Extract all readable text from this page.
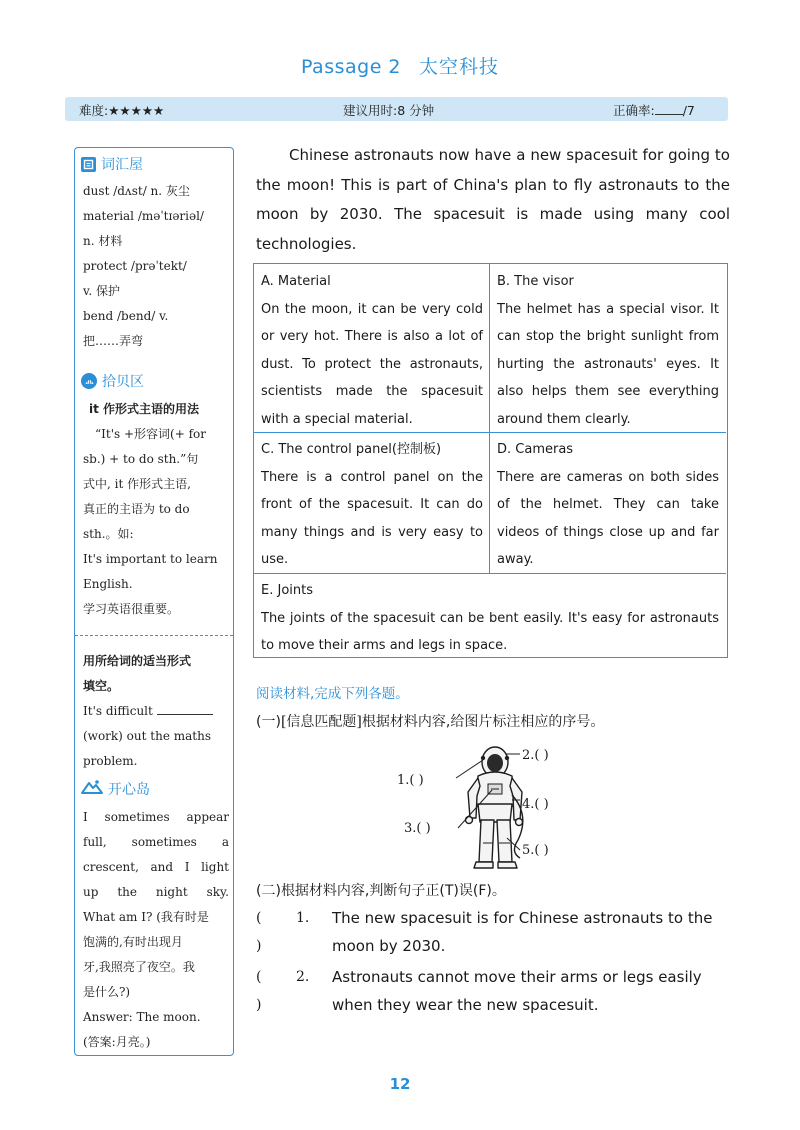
Passage 2 太空科技
难度:★★★★★	建议用时:8 分钟	正确率: /7
词汇屋
dust /dʌst/ n. 灰尘
material /məˈtɪəriəl/
n. 材料
protect /prəˈtekt/
v. 保护
bend /bend/ v.
把……弄弯
拾贝区
it 作形式主语的用法
“It's +形容词(+ for
sb.) + to do sth.”句
式中, it 作形式主语,
真正的主语为 to do
sth.。如:
It's important to learn
English.
学习英语很重要。
用所给词的适当形式
填空。
It's difficult
(work) out the maths
problem.
开心岛
I sometimes appear
full, sometimes a
crescent, and I light
up the night sky.
What am I? (我有时是
饱满的,有时出现月
牙,我照亮了夜空。我
是什么?)
Answer: The moon.
(答案:月亮。)
Chinese astronauts now have a new spacesuit for going to the moon! This is part of China's plan to fly astronauts to the moon by 2030. The spacesuit is made using many cool technologies.
A. Material
On the moon, it can be very cold or very hot. There is also a lot of dust. To protect the astronauts, scientists made the spacesuit with a special material.
B. The visor
The helmet has a special visor. It can stop the bright sunlight from hurting the astronauts' eyes. It also helps them see everything around them clearly.
C. The control panel(控制板)
There is a control panel on the front of the spacesuit. It can do many things and is very easy to use.
D. Cameras
There are cameras on both sides of the helmet. They can take videos of things close up and far away.
E. Joints
The joints of the spacesuit can be bent easily. It's easy for astronauts to move their arms and legs in space.
阅读材料,完成下列各题。
(一)[信息匹配题]根据材料内容,给图片标注相应的序号。
1.( )
2.( )
3.( )
4.( )
5.( )
(二)根据材料内容,判断句子正(T)误(F)。
( )
1. The new spacesuit is for Chinese astronauts to the moon by 2030.
( )
2. Astronauts cannot move their arms or legs easily when they wear the new spacesuit.
12
